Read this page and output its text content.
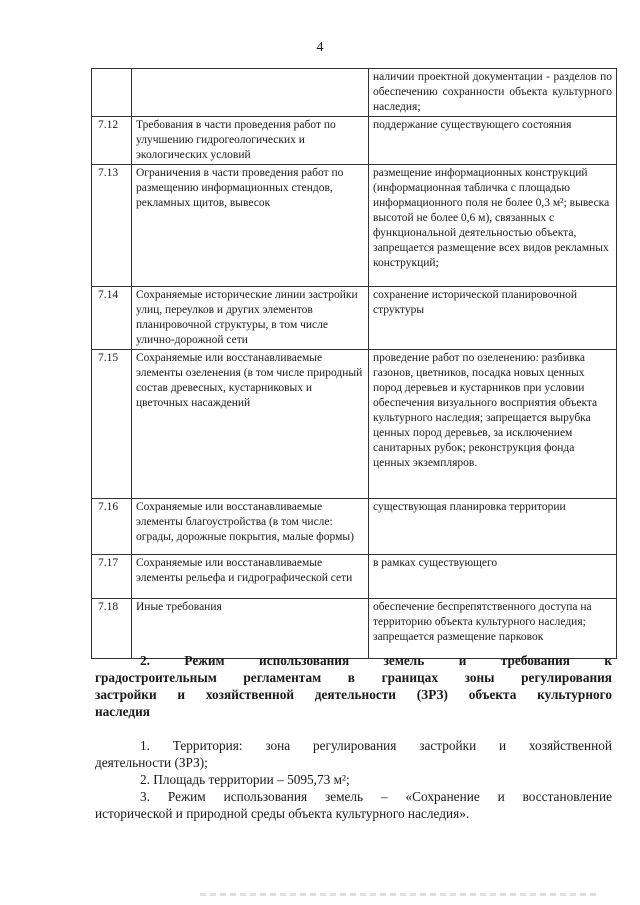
4
		наличии проектной документации - разделов по обеспечению сохранности объекта культурного наследия;
7.12	Требования в части проведения работ по улучшению гидрогеологических и экологических условий	поддержание существующего состояния
7.13	Ограничения в части проведения работ по размещению информационных стендов, рекламных щитов, вывесок	размещение информационных конструкций (информационная табличка с площадью информационного поля не более 0,3 м²; вывеска высотой не более 0,6 м), связанных с функциональной деятельностью объекта, запрещается размещение всех видов рекламных конструкций;
7.14	Сохраняемые исторические линии застройки улиц, переулков и других элементов планировочной структуры, в том числе улично-дорожной сети	сохранение исторической планировочной структуры
7.15	Сохраняемые или восстанавливаемые элементы озеленения (в том числе природный состав древесных, кустарниковых и цветочных насаждений	проведение работ по озеленению: разбивка газонов, цветников, посадка новых ценных пород деревьев и кустарников при условии обеспечения визуального восприятия объекта культурного наследия; запрещается вырубка ценных пород деревьев, за исключением санитарных рубок; реконструкция фонда ценных экземпляров.
7.16	Сохраняемые или восстанавливаемые элементы благоустройства (в том числе: ограды, дорожные покрытия, малые формы)	существующая планировка территории
7.17	Сохраняемые или восстанавливаемые элементы рельефа и гидрографической сети	в рамках существующего
7.18	Иные требования	обеспечение беспрепятственного доступа на территорию объекта культурного наследия; запрещается размещение парковок
2. Режим использования земель и требования к
градостроительным регламентам в границах зоны регулирования
застройки и хозяйственной деятельности (ЗРЗ) объекта культурного
наследия
1. Территория: зона регулирования застройки и хозяйственной
деятельности (ЗРЗ);
2. Площадь территории – 5095,73 м²;
3. Режим использования земель – «Сохранение и восстановление
исторической и природной среды объекта культурного наследия».
